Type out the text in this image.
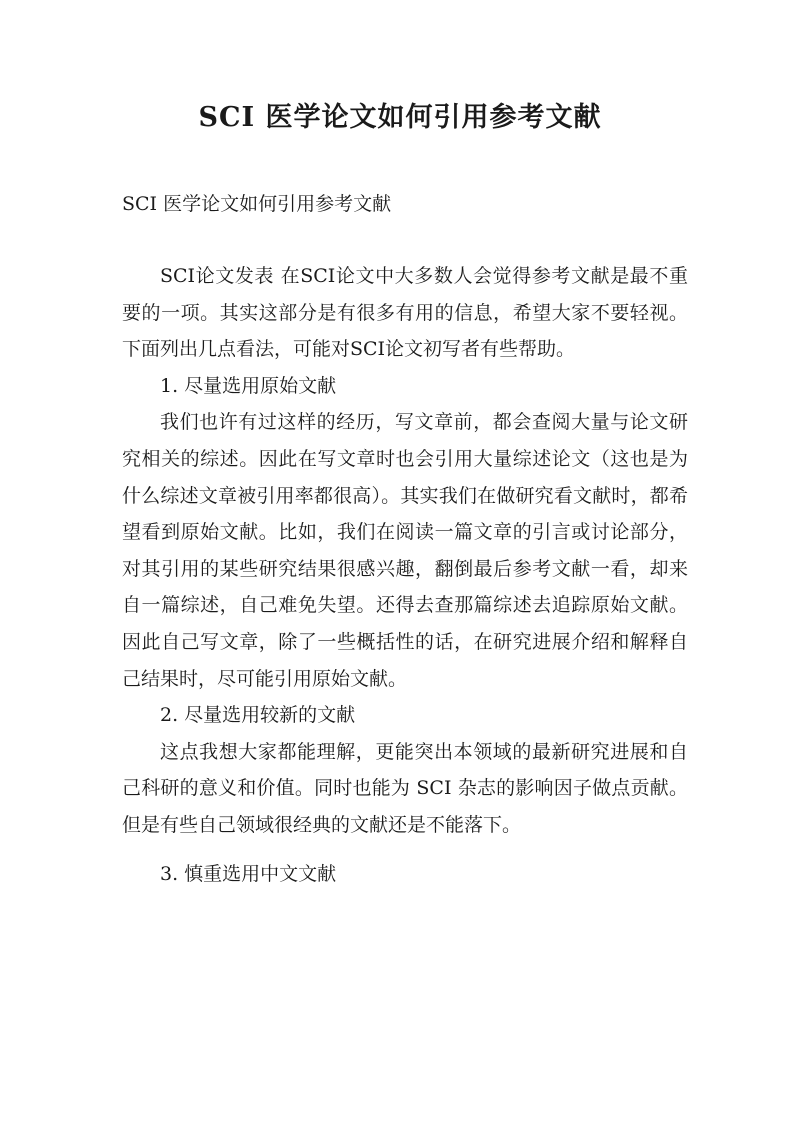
SCI 医学论文如何引用参考文献
SCI 医学论文如何引用参考文献

SCI论文发表 在SCI论文中大多数人会觉得参考文献是最不重要的一项。其实这部分是有很多有用的信息，希望大家不要轻视。下面列出几点看法，可能对SCI论文初写者有些帮助。

1. 尽量选用原始文献

我们也许有过这样的经历，写文章前，都会查阅大量与论文研究相关的综述。因此在写文章时也会引用大量综述论文（这也是为什么综述文章被引用率都很高）。其实我们在做研究看文献时，都希望看到原始文献。比如，我们在阅读一篇文章的引言或讨论部分，对其引用的某些研究结果很感兴趣，翻倒最后参考文献一看，却来自一篇综述，自己难免失望。还得去查那篇综述去追踪原始文献。因此自己写文章，除了一些概括性的话，在研究进展介绍和解释自己结果时，尽可能引用原始文献。

2. 尽量选用较新的文献

这点我想大家都能理解，更能突出本领域的最新研究进展和自己科研的意义和价值。同时也能为 SCI 杂志的影响因子做点贡献。但是有些自己领域很经典的文献还是不能落下。

3. 慎重选用中文文献
